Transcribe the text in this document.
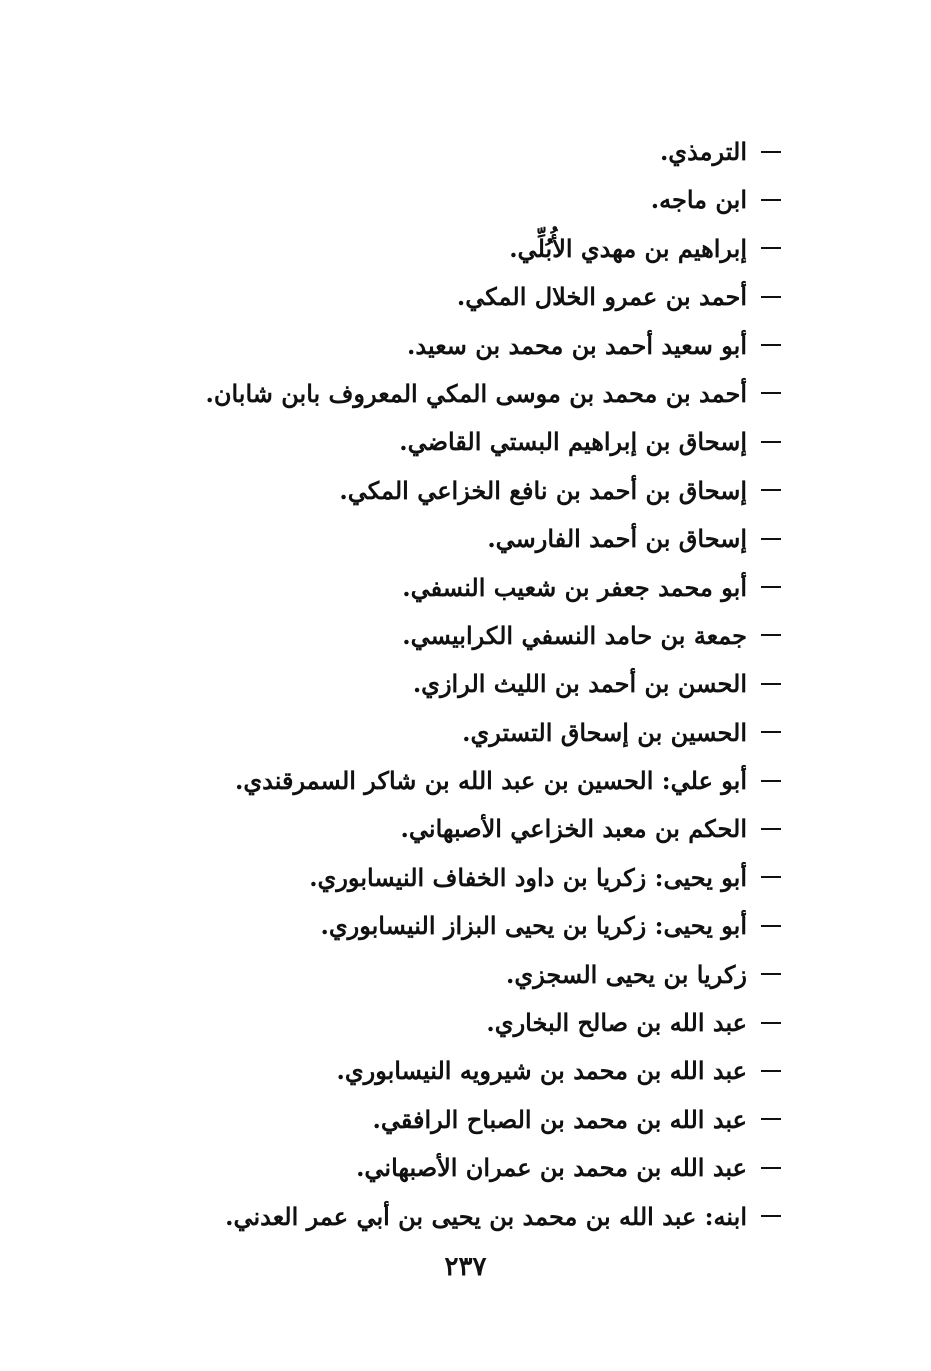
الترمذي.
ابن ماجه.
إبراهيم بن مهدي الأُبُلِّي.
أحمد بن عمرو الخلال المكي.
أبو سعيد أحمد بن محمد بن سعيد.
أحمد بن محمد بن موسى المكي المعروف بابن شابان.
إسحاق بن إبراهيم البستي القاضي.
إسحاق بن أحمد بن نافع الخزاعي المكي.
إسحاق بن أحمد الفارسي.
أبو محمد جعفر بن شعيب النسفي.
جمعة بن حامد النسفي الكرابيسي.
الحسن بن أحمد بن الليث الرازي.
الحسين بن إسحاق التستري.
أبو علي: الحسين بن عبد الله بن شاكر السمرقندي.
الحكم بن معبد الخزاعي الأصبهاني.
أبو يحيى: زكريا بن داود الخفاف النيسابوري.
أبو يحيى: زكريا بن يحيى البزاز النيسابوري.
زكريا بن يحيى السجزي.
عبد الله بن صالح البخاري.
عبد الله بن محمد بن شيرويه النيسابوري.
عبد الله بن محمد بن الصباح الرافقي.
عبد الله بن محمد بن عمران الأصبهاني.
ابنه: عبد الله بن محمد بن يحيى بن أبي عمر العدني.
٢٣٧
